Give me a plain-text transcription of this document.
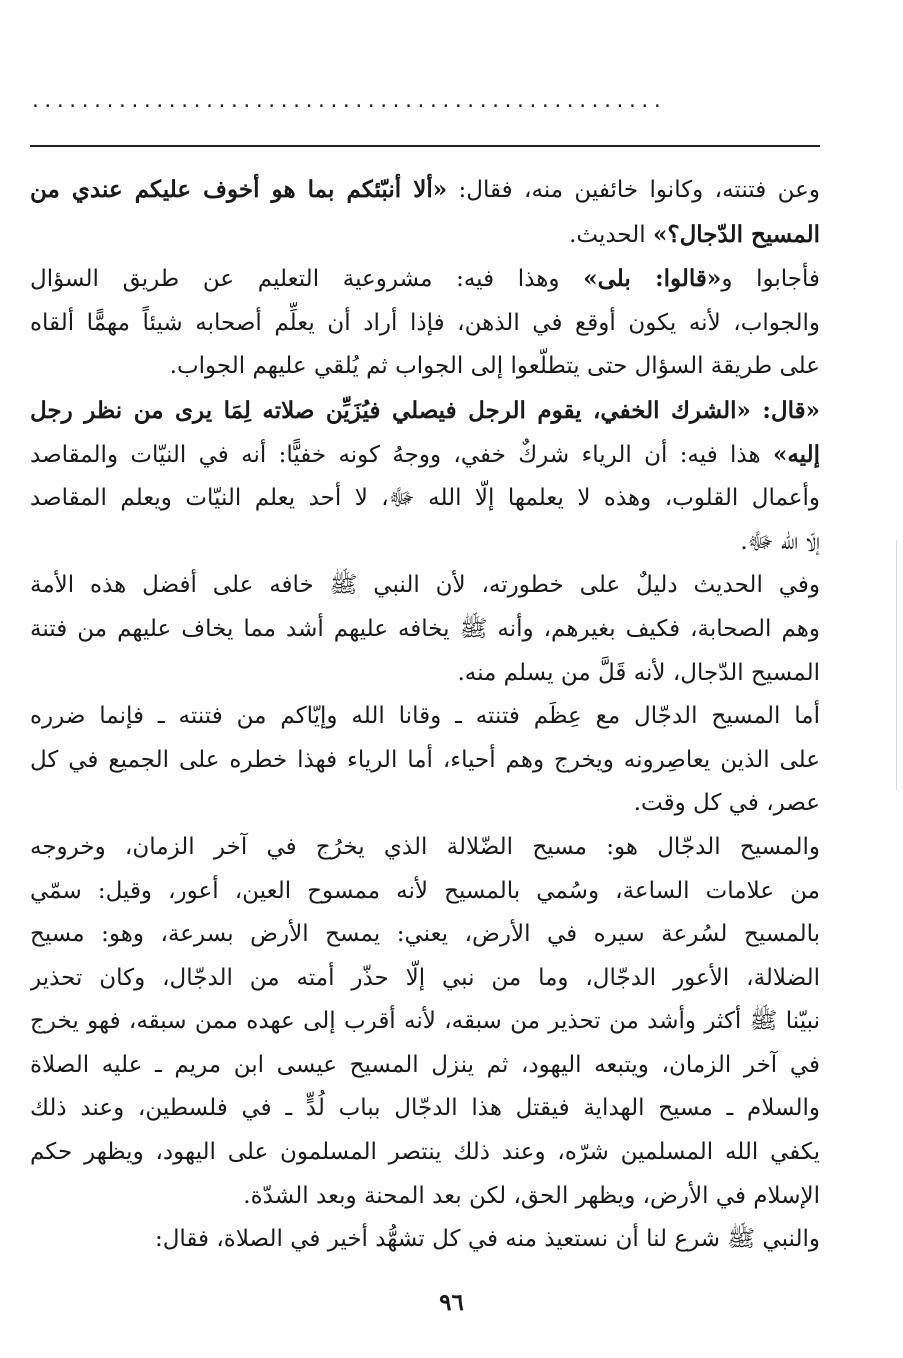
...................................................
وعن فتنته، وكانوا خائفين منه، فقال: «ألا أنبّئكم بما هو أخوف عليكم عندي من
المسيح الدّجال؟» الحديث.
فأجابوا و«قالوا: بلى» وهذا فيه: مشروعية التعليم عن طريق السؤال
والجواب، لأنه يكون أوقع في الذهن، فإذا أراد أن يعلِّم أصحابه شيئاً مهمًّا ألقاه
على طريقة السؤال حتى يتطلّعوا إلى الجواب ثم يُلقي عليهم الجواب.
«قال: «الشرك الخفي، يقوم الرجل فيصلي فيُزَيِّن صلاته لِمَا يرى من نظر رجل
إليه» هذا فيه: أن الرياء شركٌ خفي، ووجهُ كونه خفيًّا: أنه في النيّات والمقاصد
وأعمال القلوب، وهذه لا يعلمها إلّا الله ﷻ، لا أحد يعلم النيّات ويعلم المقاصد
إلّا الله ﷻ.
وفي الحديث دليلٌ على خطورته، لأن النبي ﷺ خافه على أفضل هذه الأمة
وهم الصحابة، فكيف بغيرهم، وأنه ﷺ يخافه عليهم أشد مما يخاف عليهم من فتنة
المسيح الدّجال، لأنه قَلَّ من يسلم منه.
أما المسيح الدجّال مع عِظَم فتنته ـ وقانا الله وإيّاكم من فتنته ـ فإنما ضرره
على الذين يعاصِرونه ويخرج وهم أحياء، أما الرياء فهذا خطره على الجميع في كل
عصر، في كل وقت.
والمسيح الدجّال هو: مسيح الضّلالة الذي يخرُج في آخر الزمان، وخروجه
من علامات الساعة، وسُمي بالمسيح لأنه ممسوح العين، أعور، وقيل: سمّي
بالمسيح لسُرعة سيره في الأرض، يعني: يمسح الأرض بسرعة، وهو: مسيح
الضلالة، الأعور الدجّال، وما من نبي إلّا حذّر أمته من الدجّال، وكان تحذير
نبيّنا ﷺ أكثر وأشد من تحذير من سبقه، لأنه أقرب إلى عهده ممن سبقه، فهو يخرج
في آخر الزمان، ويتبعه اليهود، ثم ينزل المسيح عيسى ابن مريم ـ عليه الصلاة
والسلام ـ مسيح الهداية فيقتل هذا الدجّال بباب لُدٍّ ـ في فلسطين، وعند ذلك
يكفي الله المسلمين شرّه، وعند ذلك ينتصر المسلمون على اليهود، ويظهر حكم
الإسلام في الأرض، ويظهر الحق، لكن بعد المحنة وبعد الشدّة.
والنبي ﷺ شرع لنا أن نستعيذ منه في كل تشهُّد أخير في الصلاة، فقال:
٩٦
